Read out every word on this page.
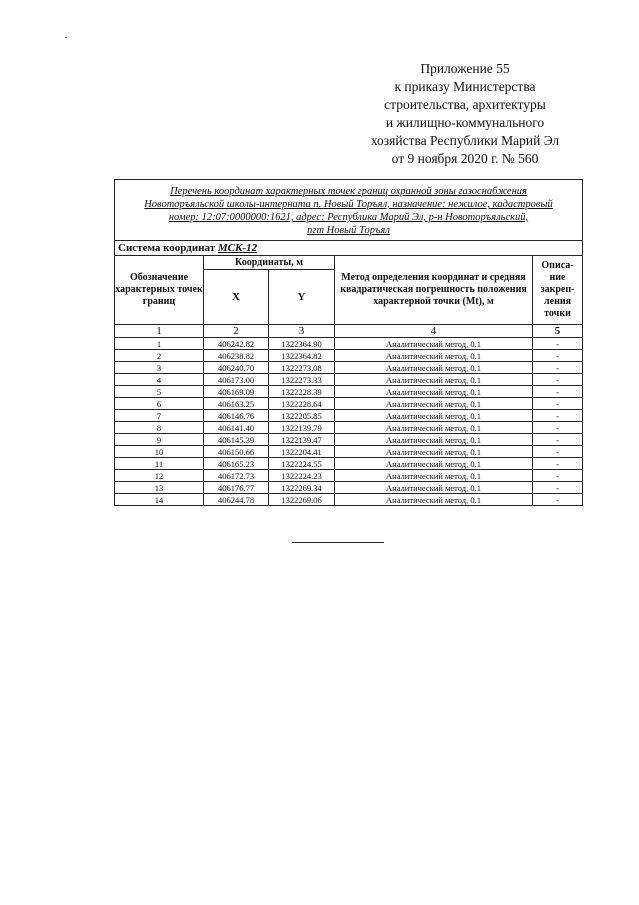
Приложение 55
к приказу Министерства
строительства, архитектуры
и жилищно-коммунального
хозяйства Республики Марий Эл
от 9 ноября 2020 г. № 560
Перечень координат характерных точек границ охранной зоны газоснабжения
Новоторъяльской школы-интерната п. Новый Торъял, назначение: нежилое, кадастровый
номер: 12:07:0000000:1621, адрес: Республика Марий Эл, р-н Новоторъяльский,
пгт Новый Торъял				
Система координат МСК-12				
Обозначение характерных точек границ	Координаты, м		Метод определения координат и средняя квадратическая погрешность положения характерной точки (Mt), м	Описа-
ние
закреп-
ления
точки
	X	Y		
1	2	3	4	5
1	406242.82	1322364.90	Аналитический метод, 0.1	-
2	406238.82	1322364.82	Аналитический метод, 0.1	-
3	406240.70	1322273.08	Аналитический метод, 0.1	-
4	406173.00	1322273.33	Аналитический метод, 0.1	-
5	406169.09	1322228.39	Аналитический метод, 0.1	-
6	406163.25	1322228.64	Аналитический метод, 0.1	-
7	406146.76	1322205.85	Аналитический метод, 0.1	-
8	406141.40	1322139.79	Аналитический метод, 0.1	-
9	406145.39	1322139.47	Аналитический метод, 0.1	-
10	406150.66	1322204.41	Аналитический метод, 0.1	-
11	406165.23	1322224.55	Аналитический метод, 0.1	-
12	406172.73	1322224.23	Аналитический метод, 0.1	-
13	406176.77	1322269.34	Аналитический метод, 0.1	-
14	406244.78	1322269.06	Аналитический метод, 0.1	-
